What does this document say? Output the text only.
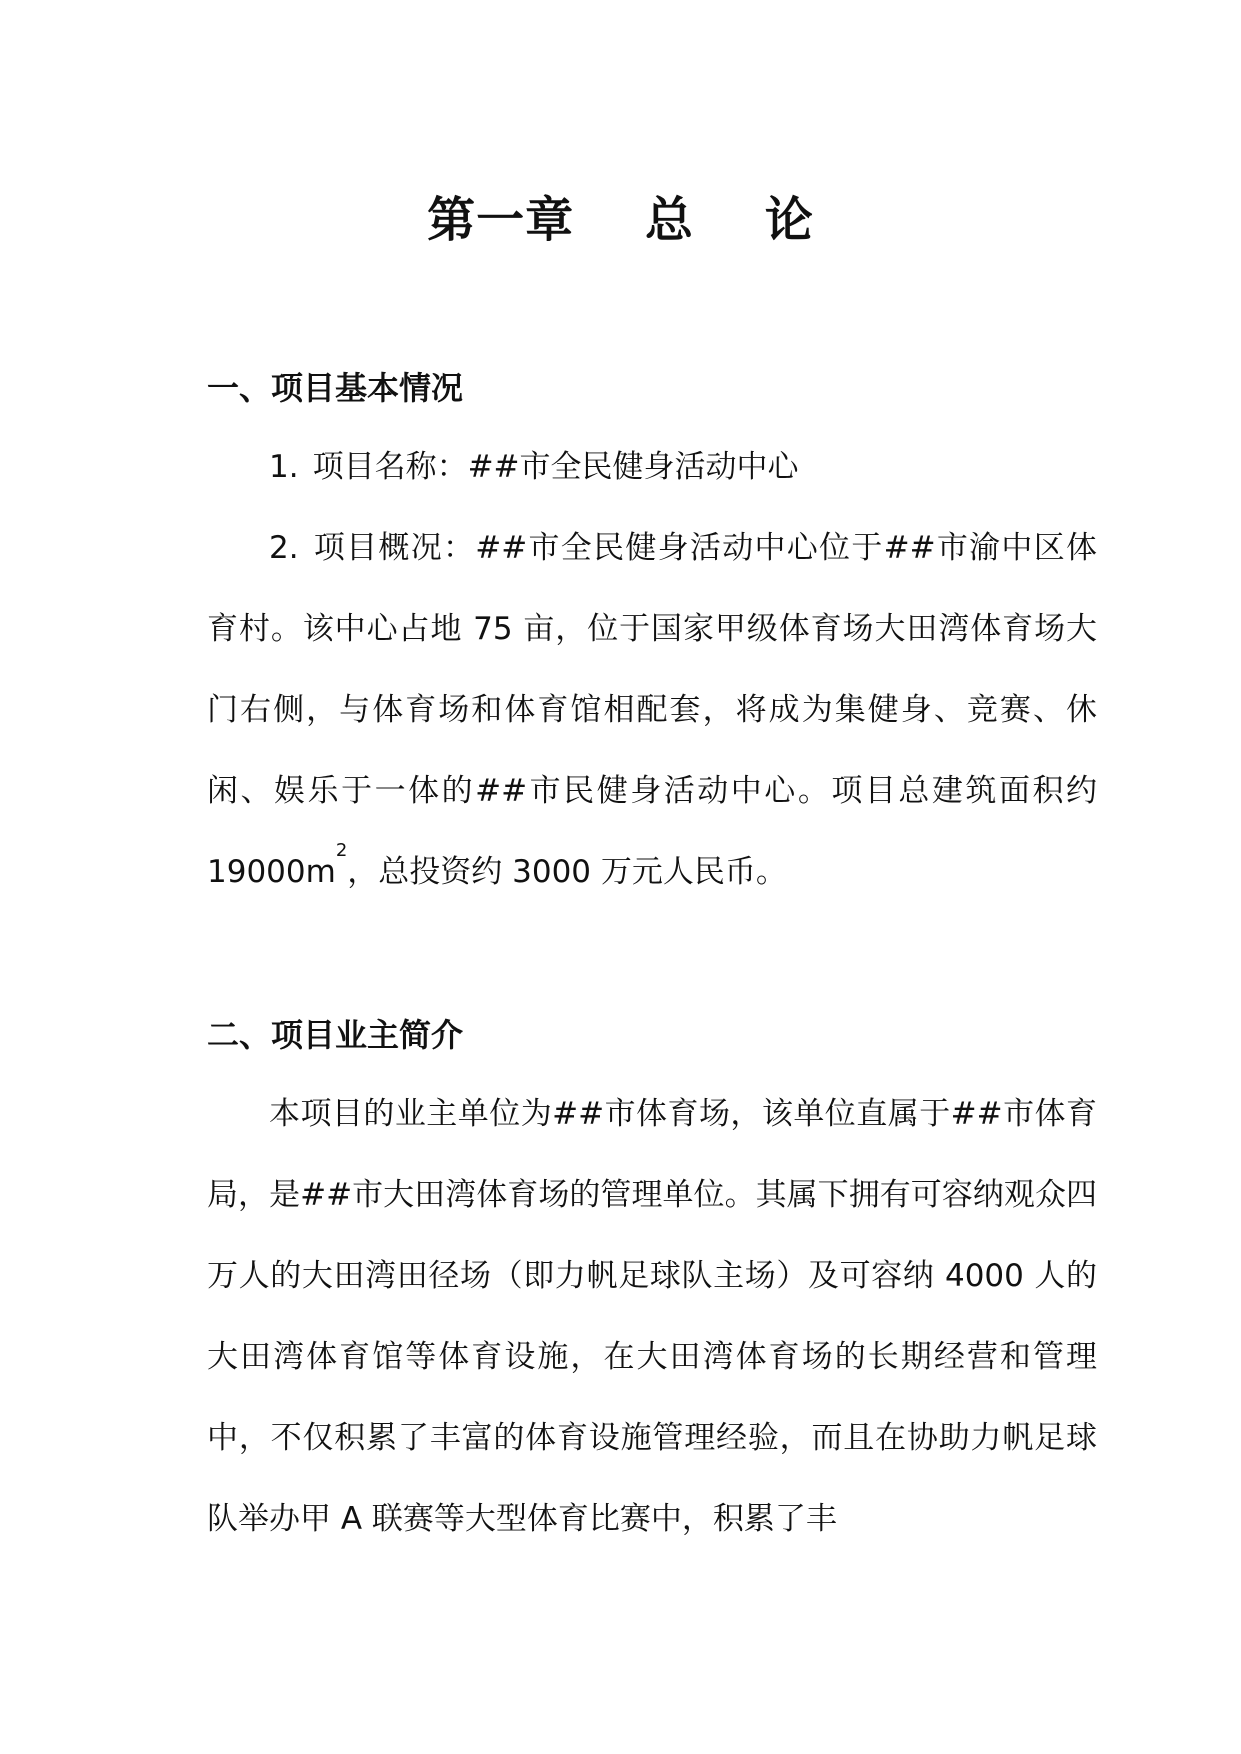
第一章    总    论
一、项目基本情况
1. 项目名称：##市全民健身活动中心
2. 项目概况：##市全民健身活动中心位于##市渝中区体育村。该中心占地 75 亩，位于国家甲级体育场大田湾体育场大门右侧，与体育场和体育馆相配套，将成为集健身、竞赛、休闲、娱乐于一体的##市民健身活动中心。项目总建筑面积约 $19000m^2$，总投资约 3000 万元人民币。
二、项目业主简介
本项目的业主单位为##市体育场，该单位直属于##市体育局，是##市大田湾体育场的管理单位。其属下拥有可容纳观众四万人的大田湾田径场（即力帆足球队主场）及可容纳 4000 人的大田湾体育馆等体育设施，在大田湾体育场的长期经营和管理中，不仅积累了丰富的体育设施管理经验，而且在协助力帆足球队举办甲 A 联赛等大型体育比赛中，积累了丰
